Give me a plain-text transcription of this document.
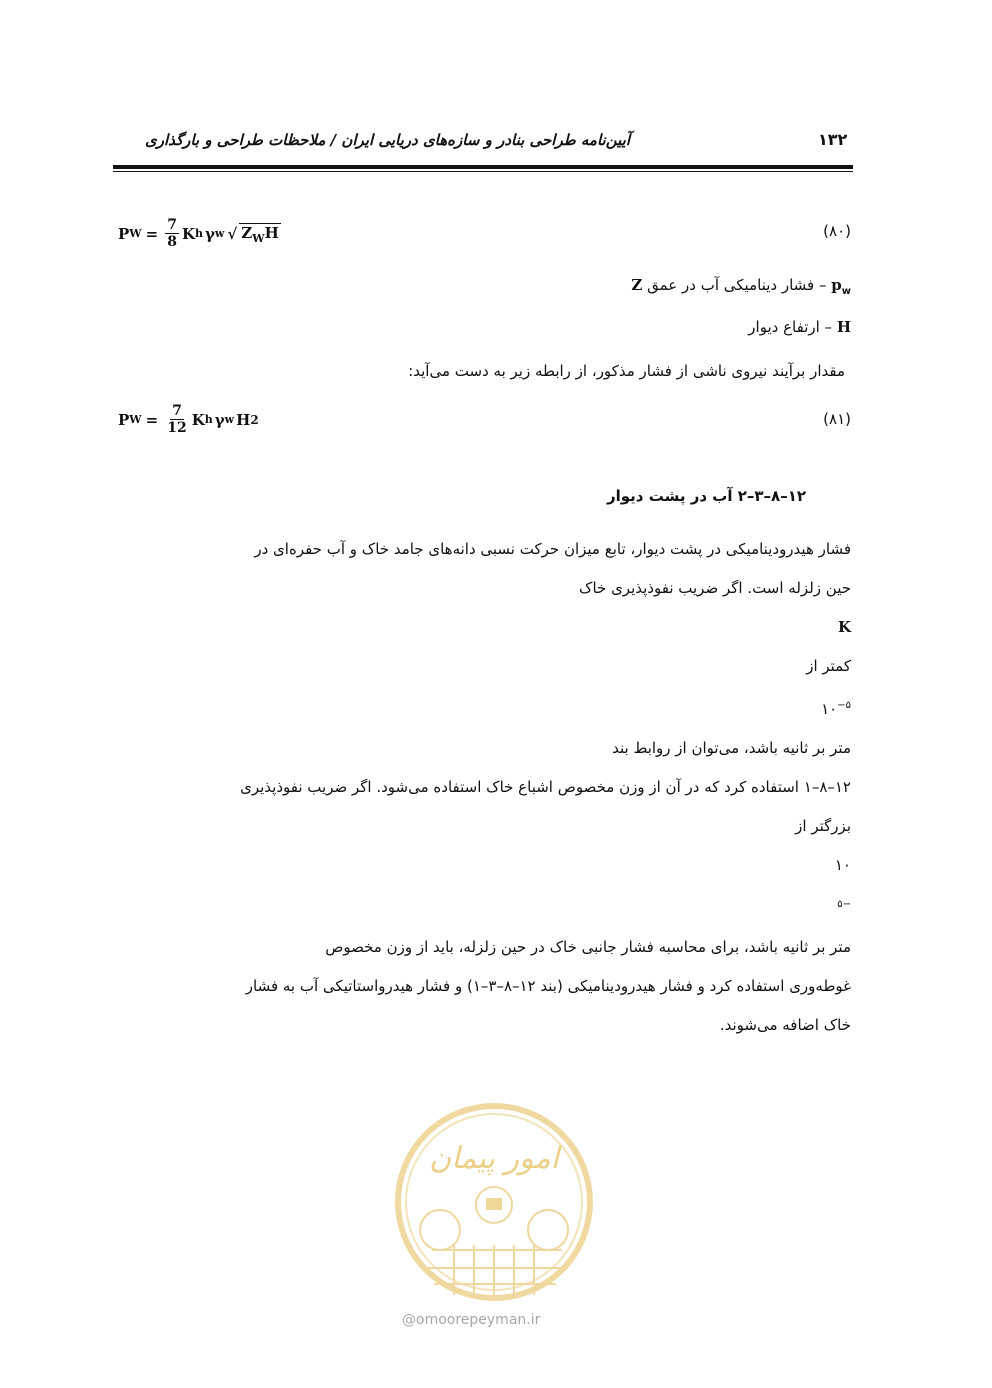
۱۳۲
آیین‌نامه طراحی بنادر و سازه‌های دریایی ایران / ملاحظات طراحی و بارگذاری
P $W = \frac{7}{8}$ K h γ w √ $Z_WH$	(۸۰)
$p_w$ – فشار دینامیکی آب در عمق Z
H – ارتفاع دیوار
مقدار برآیند نیروی ناشی از فشار مذکور، از رابطه زیر به دست می‌آید:
P $W = \frac{7}{12}$ K h γ w H 2	(۸۱)
۱۲–۸–۳–۲ آب در پشت دیوار
فشار هیدرودینامیکی در پشت دیوار، تابع میزان حرکت نسبی دانه‌های جامد خاک و آب حفره‌ای در
حین زلزله است. اگر ضریب نفوذپذیری خاک
K
کمتر از
$۱۰^{-۵}$
متر بر ثانیه باشد، می‌توان از روابط بند
۱۲–۸–۱ استفاده کرد که در آن از وزن مخصوص اشباع خاک استفاده می‌شود. اگر ضریب نفوذپذیری
بزرگتر از
۱۰
$^{-۵}$
متر بر ثانیه باشد، برای محاسبه فشار جانبی خاک در حین زلزله، باید از وزن مخصوص
غوطه‌وری استفاده کرد و فشار هیدرودینامیکی (بند ۱۲–۸–۳–۱) و فشار هیدرواستاتیکی آب به فشار
خاک اضافه می‌شوند.
امور پیمان
@omoorepeyman.ir
